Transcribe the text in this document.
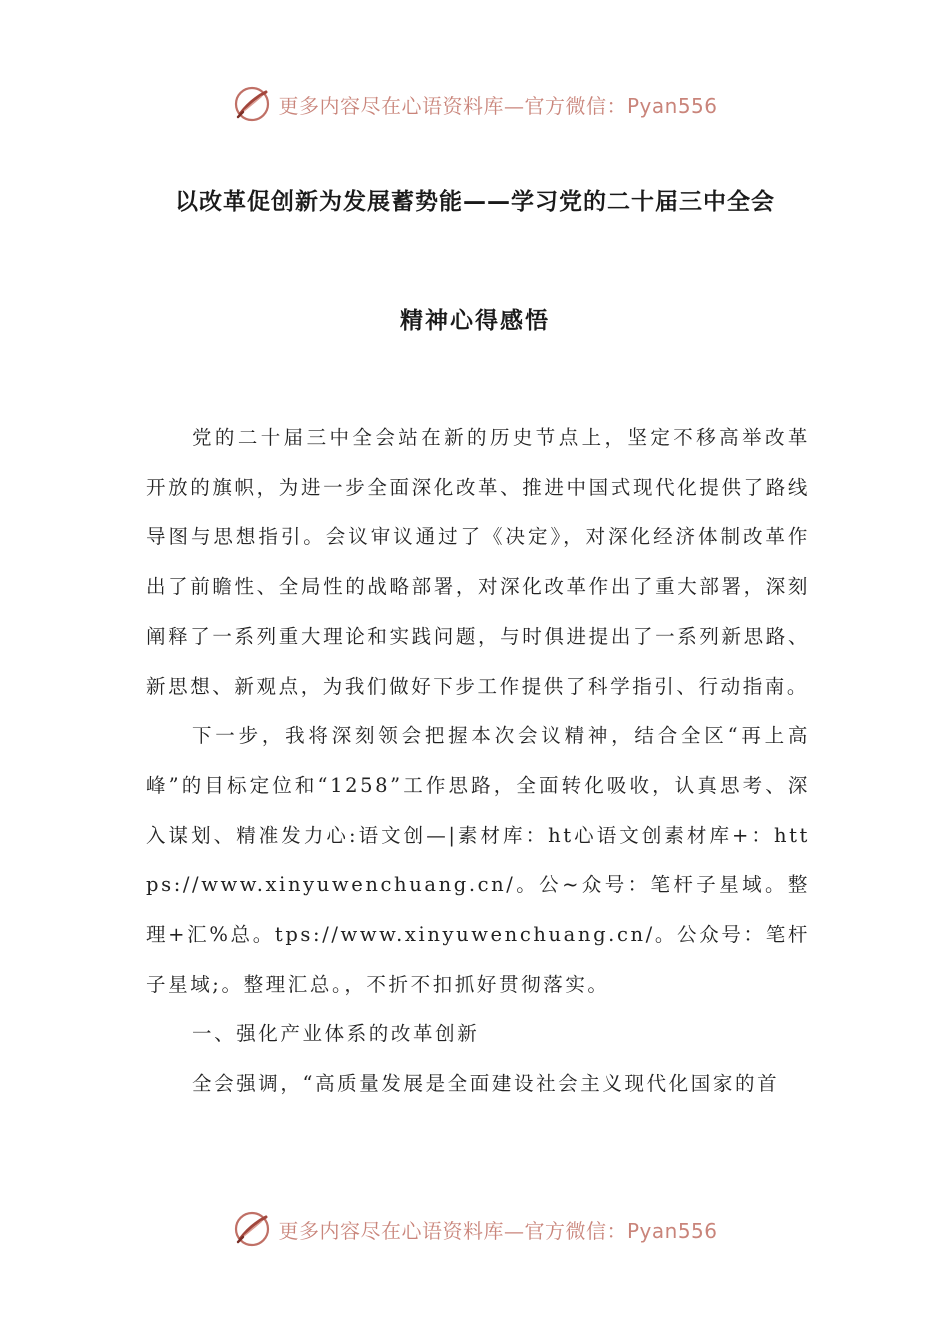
更多内容尽在心语资料库—官方微信：Pyan556
以改革促创新为发展蓄势能——学习党的二十届三中全会
精神心得感悟

党的二十届三中全会站在新的历史节点上，坚定不移高举改革开放的旗帜，为进一步全面深化改革、推进中国式现代化提供了路线导图与思想指引。会议审议通过了《决定》，对深化经济体制改革作出了前瞻性、全局性的战略部署，对深化改革作出了重大部署，深刻阐释了一系列重大理论和实践问题，与时俱进提出了一系列新思路、新思想、新观点，为我们做好下步工作提供了科学指引、行动指南。

下一步，我将深刻领会把握本次会议精神，结合全区“再上高峰”的目标定位和“1258”工作思路，全面转化吸收，认真思考、深入谋划、精准发力心:语文创—|素材库：ht心语文创素材库+：https://www.xinyuwenchuang.cn/。公~众号：笔杆子星域。整理+汇%总。tps://www.xinyuwenchuang.cn/。公众号：笔杆子星域;。整理汇总。，不折不扣抓好贯彻落实。

一、强化产业体系的改革创新

全会强调，“高质量发展是全面建设社会主义现代化国家的首

更多内容尽在心语资料库—官方微信：Pyan556
